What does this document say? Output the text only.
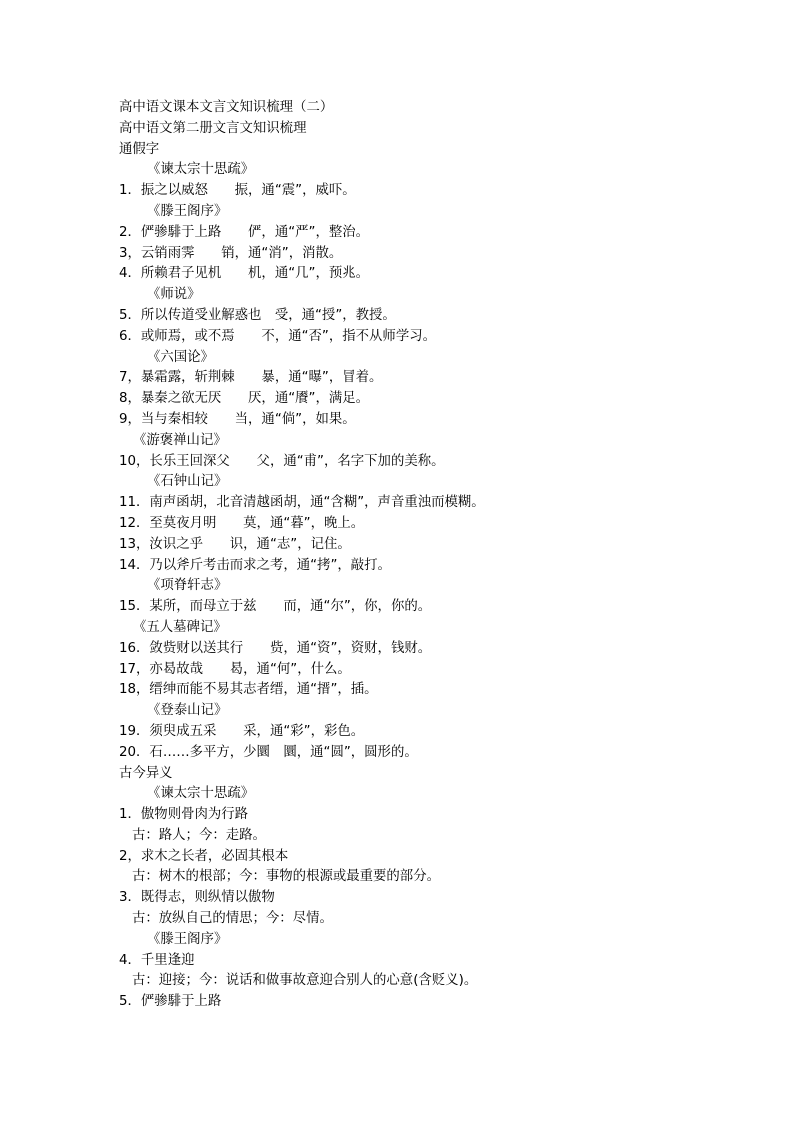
高中语文课本文言文知识梳理（二）
高中语文第二册文言文知识梳理
通假字
《谏太宗十思疏》
1．振之以威怒　　振，通“震”，威吓。
《滕王阁序》
2．俨骖騑于上路　　俨，通“严”，整治。
3，云销雨霁　　销，通“消”，消散。
4．所赖君子见机　　机，通“几”，预兆。
《师说》
5．所以传道受业解惑也　受，通“授”，教授。
6．或师焉，或不焉　　不，通“否”，指不从师学习。
《六国论》
7，暴霜露，斩荆棘　　暴，通“曝”，冒着。
8，暴秦之欲无厌　　厌，通“餍”，满足。
9，当与秦相较　　当，通“倘”，如果。
《游褒禅山记》
10，长乐王回深父　　父，通“甫”，名字下加的美称。
《石钟山记》
11．南声函胡，北音清越函胡，通“含糊”，声音重浊而模糊。
12．至莫夜月明　　莫，通“暮”，晚上。
13，汝识之乎　　识，通“志”，记住。
14．乃以斧斤考击而求之考，通“拷”，敲打。
《项脊轩志》
15．某所，而母立于兹　　而，通“尔”，你，你的。
《五人墓碑记》
16．敛赀财以送其行　　赀，通“资”，资财，钱财。
17，亦曷故哉　　曷，通“何”，什么。
18，缙绅而能不易其志者缙，通“搢”，插。
《登泰山记》
19．须臾成五采　　采，通“彩”，彩色。
20．石……多平方，少圜　圜，通“圆”，圆形的。
古今异义
《谏太宗十思疏》
1．傲物则骨肉为行路
古：路人；今：走路。
2，求木之长者，必固其根本
古：树木的根部；今：事物的根源或最重要的部分。
3．既得志，则纵情以傲物
古：放纵自己的情思；今：尽情。
《滕王阁序》
4．千里逢迎
古：迎接；今：说话和做事故意迎合别人的心意(含贬义)。
5．俨骖騑于上路
